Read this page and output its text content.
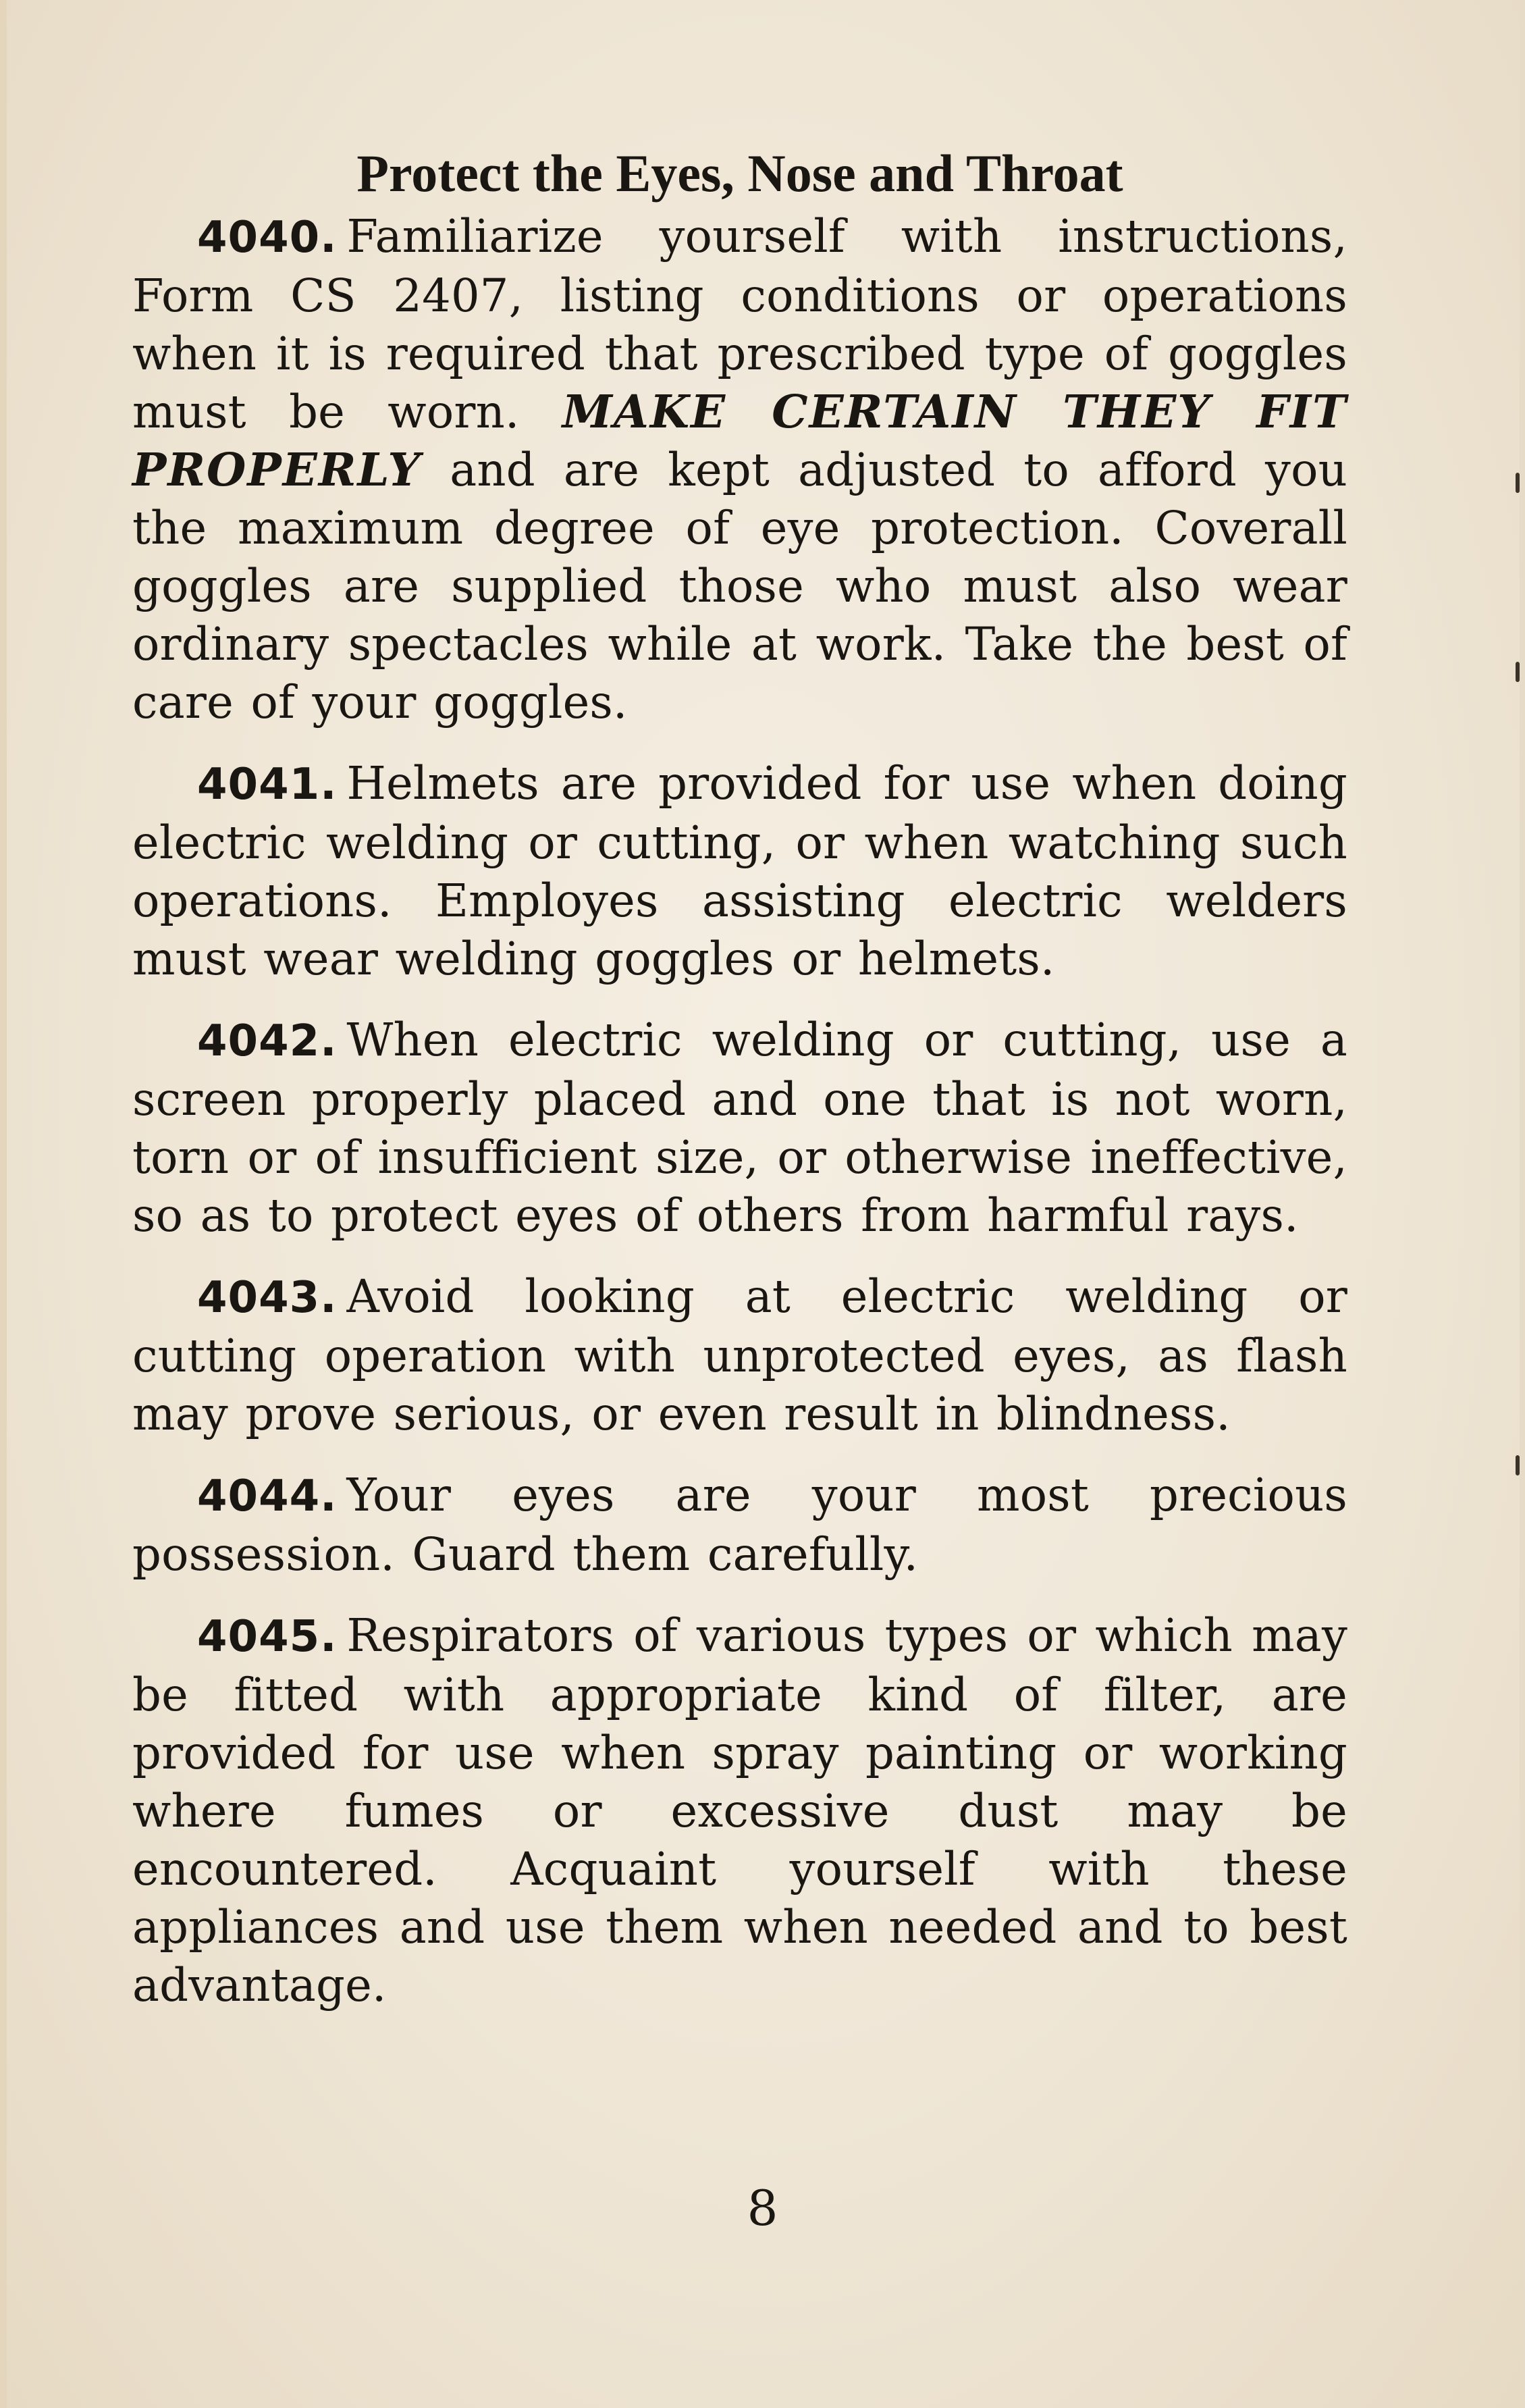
Protect the Eyes, Nose and Throat

4040. Familiarize yourself with instructions, Form CS 2407, listing conditions or operations when it is required that prescribed type of goggles must be worn. MAKE CERTAIN THEY FIT PROPERLY and are kept adjusted to afford you the maximum degree of eye protection. Coverall goggles are supplied those who must also wear ordinary spectacles while at work. Take the best of care of your goggles.

4041. Helmets are provided for use when doing electric welding or cutting, or when watching such operations. Employes assisting electric welders must wear welding goggles or helmets.

4042. When electric welding or cutting, use a screen properly placed and one that is not worn, torn or of insufficient size, or otherwise ineffective, so as to protect eyes of others from harmful rays.

4043. Avoid looking at electric welding or cutting operation with unprotected eyes, as flash may prove serious, or even result in blindness.

4044. Your eyes are your most precious possession. Guard them carefully.

4045. Respirators of various types or which may be fitted with appropriate kind of filter, are provided for use when spray painting or working where fumes or excessive dust may be encountered. Acquaint yourself with these appliances and use them when needed and to best advantage.

8
